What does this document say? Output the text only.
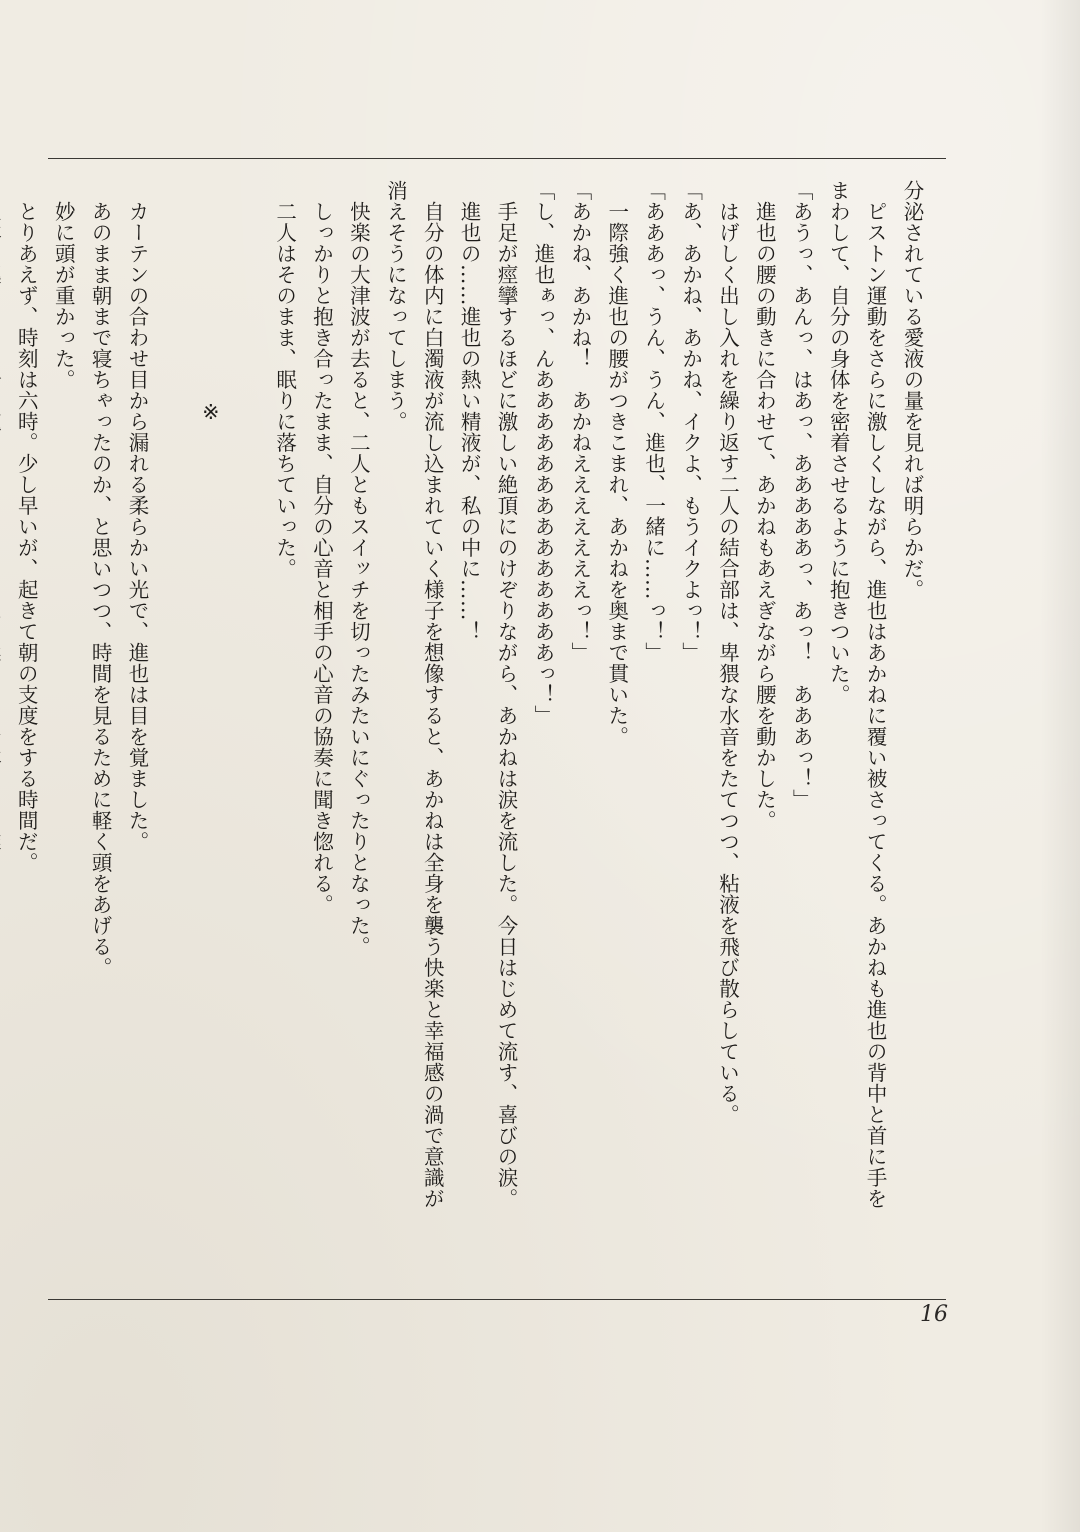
分泌されている愛液の量を見れば明らかだ。

　ピストン運動をさらに激しくしながら、進也はあかねに覆い被さってくる。あかねも進也の背中と首に手を

まわして、自分の身体を密着させるように抱きついた。

「あうっ、あんっ、はあっ、あああああっ、あっ！　あああっ！」

　進也の腰の動きに合わせて、あかねもあえぎながら腰を動かした。

　はげしく出し入れを繰り返す二人の結合部は、卑猥な水音をたてつつ、粘液を飛び散らしている。

「あ、あかね、あかね、イクよ、もうイクよっ！」

「あああっ、うん、うん、進也、一緒に……っ！」

　一際強く進也の腰がつきこまれ、あかねを奥まで貫いた。

「あかね、あかね！　あかねえええええええっ！」

「し、進也ぁっ、んああああああああああああああっ！」

　手足が痙攣するほどに激しい絶頂にのけぞりながら、あかねは涙を流した。今日はじめて流す、喜びの涙。

　進也の……進也の熱い精液が、私の中に……！

　自分の体内に白濁液が流し込まれていく様子を想像すると、あかねは全身を襲う快楽と幸福感の渦で意識が

消えそうになってしまう。

　快楽の大津波が去ると、二人ともスイッチを切ったみたいにぐったりとなった。

　しっかりと抱き合ったまま、自分の心音と相手の心音の協奏に聞き惚れる。

　二人はそのまま、眠りに落ちていった。

※

　カーテンの合わせ目から漏れる柔らかい光で、進也は目を覚ました。

　あのまま朝まで寝ちゃったのか、と思いつつ、時間を見るために軽く頭をあげる。

　妙に頭が重かった。

　とりあえず、時刻は六時。少し早いが、起きて朝の支度をする時間だ。

16
